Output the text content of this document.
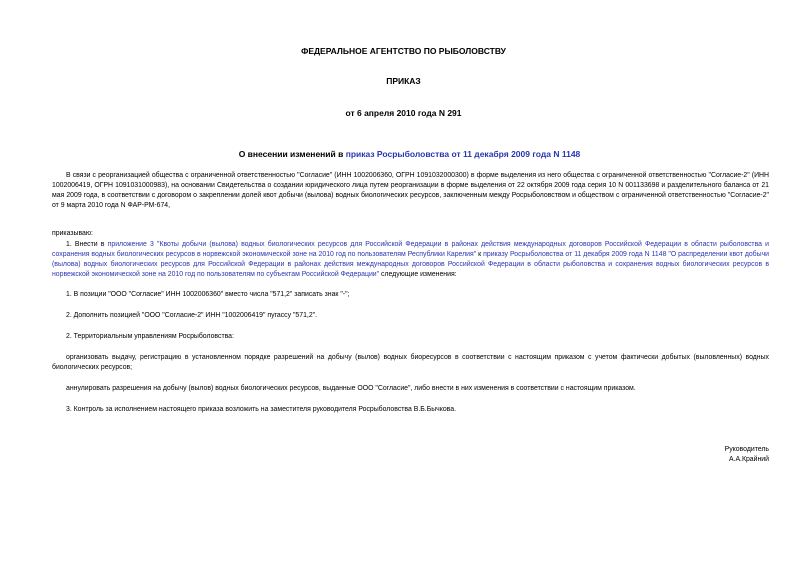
ФЕДЕРАЛЬНОЕ АГЕНТСТВО ПО РЫБОЛОВСТВУ
ПРИКАЗ
от 6 апреля 2010 года N 291
О внесении изменений в приказ Росрыболовства от 11 декабря 2009 года N 1148
В связи с реорганизацией общества с ограниченной ответственностью "Согласие" (ИНН 1002006360, ОГРН 1091032000300) в форме выделения из него общества с ограниченной ответственностью "Согласие-2" (ИНН 1002006419, ОГРН 1091031000983), на основании Свидетельства о создании юридического лица путем реорганизации в форме выделения от 22 октября 2009 года серия 10 N 001133698 и разделительного баланса от 21 мая 2009 года, в соответствии с договором о закреплении долей квот добычи (вылова) водных биологических ресурсов, заключенным между Росрыболовством и обществом с ограниченной ответственностью "Согласие-2" от 9 марта 2010 года N ФАР-РМ-674,
приказываю:
1. Внести в приложение 3 "Квоты добычи (вылова) водных биологических ресурсов для Российской Федерации в районах действия международных договоров Российской Федерации в области рыболовства и сохранения водных биологических ресурсов в норвежской экономической зоне на 2010 год по пользователям Республики Карелия" к приказу Росрыболовства от 11 декабря 2009 года N 1148 "О распределении квот добычи (вылова) водных биологических ресурсов для Российской Федерации в районах действия международных договоров Российской Федерации в области рыболовства и сохранения водных биологических ресурсов в норвежской экономической зоне на 2010 год по пользователям по субъектам Российской Федерации" следующие изменения:
1. В позиции "ООО "Согласие" ИНН 1002006360" вместо числа "571,2" записать знак "-";
2. Дополнить позицией "ООО "Согласие-2" ИНН "1002006419" пугассу "571,2".
2. Территориальным управлениям Росрыболовства:
организовать выдачу, регистрацию в установленном порядке разрешений на добычу (вылов) водных биоресурсов в соответствии с настоящим приказом с учетом фактически добытых (выловленных) водных биологических ресурсов;
аннулировать разрешения на добычу (вылов) водных биологических ресурсов, выданные ООО "Согласие", либо внести в них изменения в соответствии с настоящим приказом.
3. Контроль за исполнением настоящего приказа возложить на заместителя руководителя Росрыболовства В.Б.Бычкова.
Руководитель
А.А.Крайний
